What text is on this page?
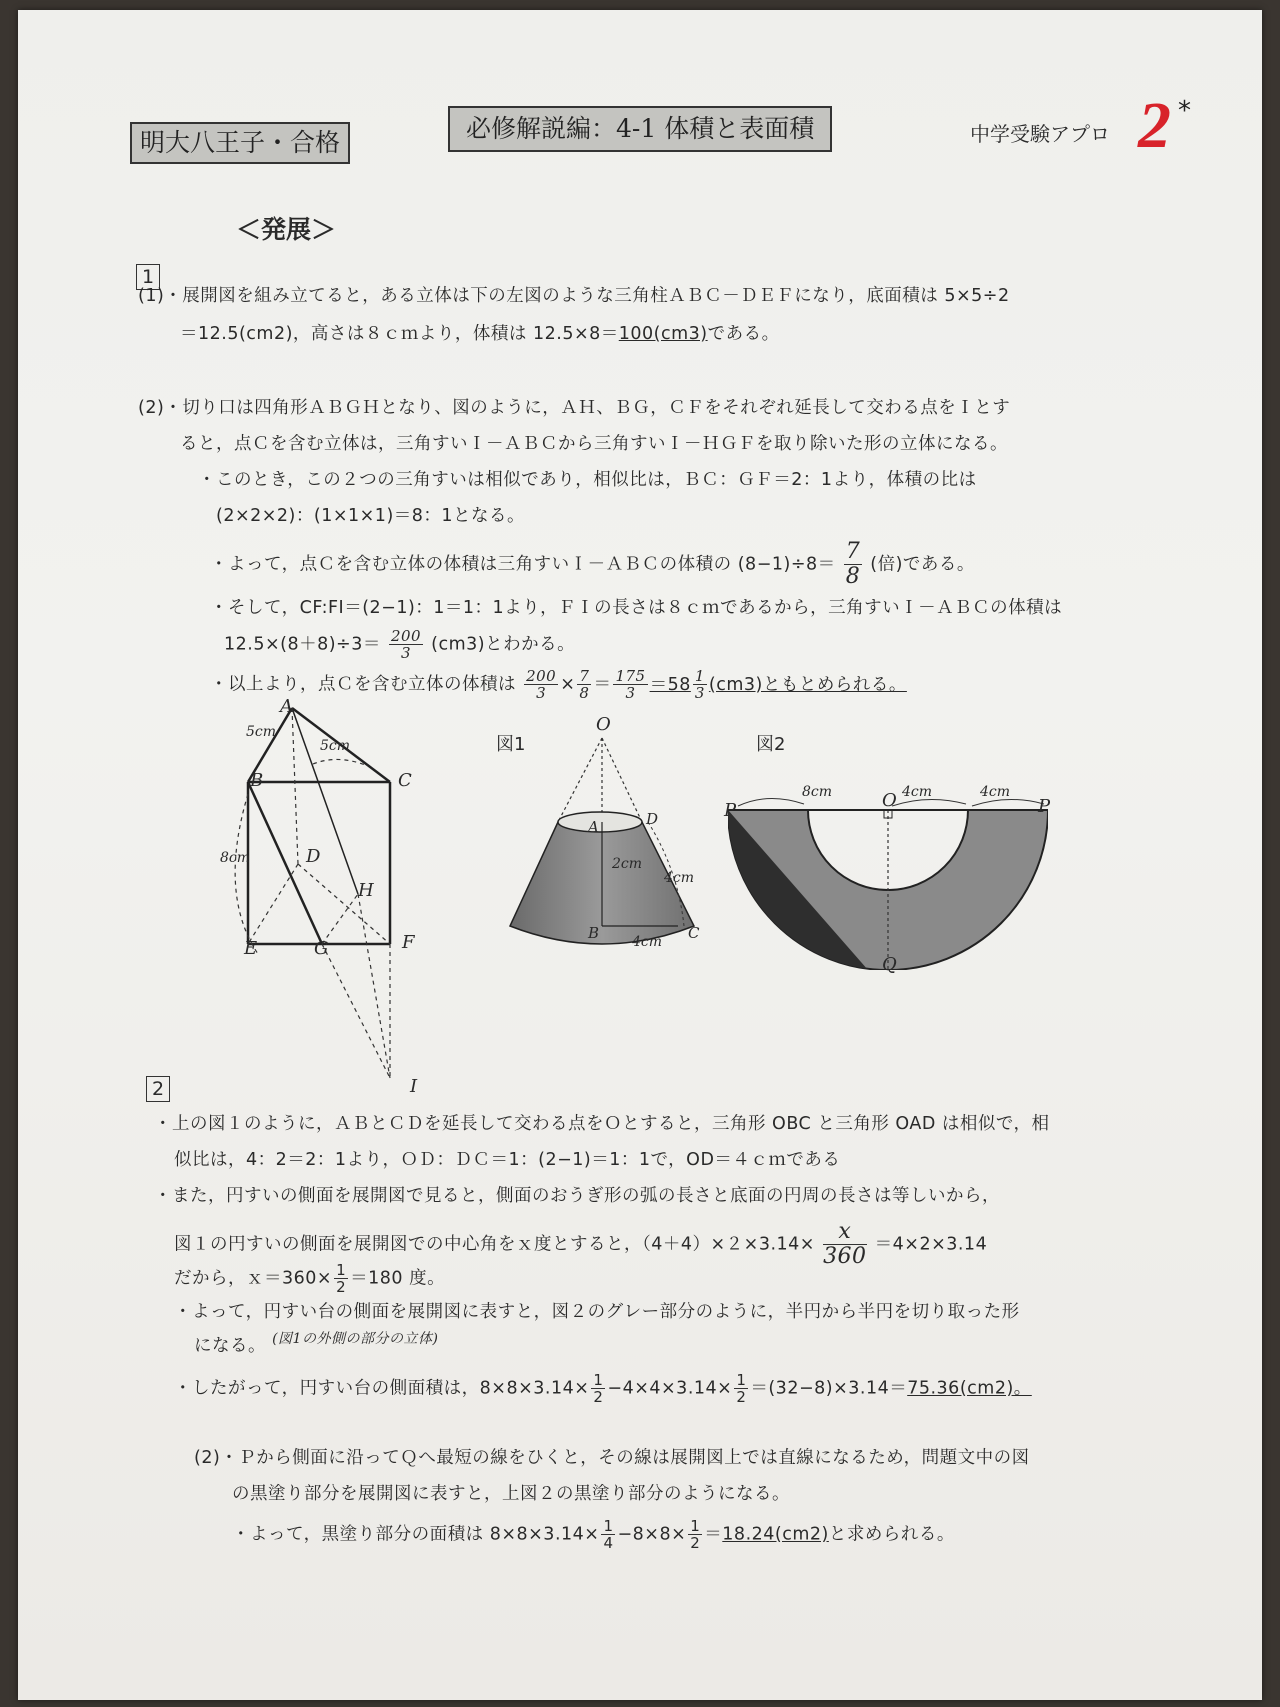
明大八王子・合格	必修解説編：4-1 体積と表面積	中学受験アプロ 2 *
＜発展＞
1
(1)・展開図を組み立てると，ある立体は下の左図のような三角柱ＡＢＣ－ＤＥＦになり，底面積は 5×5÷2
＝12.5(cm2)，高さは８ｃｍより，体積は 12.5×8＝100(cm3)である。
(2)・切り口は四角形ＡＢＧＨとなり、図のように，ＡＨ、ＢＧ，ＣＦをそれぞれ延長して交わる点をＩとす
ると，点Ｃを含む立体は，三角すいＩ－ＡＢＣから三角すいＩ－ＨＧＦを取り除いた形の立体になる。
・このとき，この２つの三角すいは相似であり，相似比は，ＢＣ：ＧＦ＝2：1より，体積の比は
(2×2×2)：(1×1×1)＝8：1となる。
・よって，点Ｃを含む立体の体積は三角すいＩ－ＡＢＣの体積の $(8-1)\div 8= \frac{7}{8}$ (倍)である。
・そして，CF:FI＝(2−1)：1＝1：1より，ＦＩの長さは８ｃｍであるから，三角すいＩ－ＡＢＣの体積は
$12.5\times(8+8)\div 3= \frac{200}{3} (cm3)$とわかる。
・以上より，点Ｃを含む立体の体積は $\frac{200}{3} \times \frac{7}{8} = \frac{175}{3} =58 \frac{1}{3} (cm3)$ともとめられる。
A
B	C
D
E	F
G
H
I
5cm
5cm
8cm
図1
O
A	D
B	C
2cm
4cm
4cm
図2
P	P
O
Q
8cm	4cm	4cm
2
・上の図１のように，ＡＢとＣＤを延長して交わる点をＯとすると，三角形 OBC と三角形 OAD は相似で，相
似比は，4：2＝2：1より，ＯＤ：ＤＣ＝1：(2−1)＝1：1で，OD＝４ｃｍである
・また，円すいの側面を展開図で見ると，側面のおうぎ形の弧の長さと底面の円周の長さは等しいから，
図１の円すいの側面を展開図での中心角をｘ度とすると，$(4+4)\times 2\times 3.14\times \frac{x}{360} =4\times 2\times 3.14$
だから，ｘ＝360× $\frac{1}{2} =180$ 度。
・よって，円すい台の側面を展開図に表すと，図２のグレー部分のように，半円から半円を切り取った形
になる。 $^{(図1の外側の部分の立体)}$
・したがって，円すい台の側面積は，$8\times 8\times 3.14\times \frac{1}{2} -4\times 4\times 3.14\times \frac{1}{2} =(32-8)\times 3.14=75.36(cm2)$。
(2)・Ｐから側面に沿ってＱへ最短の線をひくと，その線は展開図上では直線になるため，問題文中の図
の黒塗り部分を展開図に表すと，上図２の黒塗り部分のようになる。
・よって，黒塗り部分の面積は $8\times 8\times 3.14\times \frac{1}{4} -8\times 8\times \frac{1}{2} =18.24(cm2)$と求められる。
